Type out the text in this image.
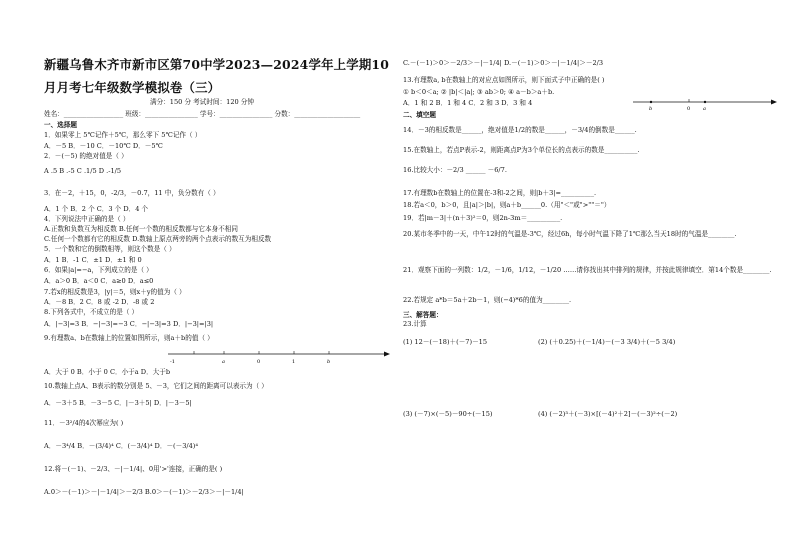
新疆乌鲁木齐市新市区第70中学2023—2024学年上学期10
月月考七年级数学模拟卷（三）
满分：150 分 考试时间：120 分钟
姓名：__________________ 班级：________________ 学号：________________ 分数：____________________
一、选择题
1．如果零上 5℃记作＋5℃，那么零下 5℃记作（ ）
A．－5 B．－10 C．－10℃ D．－5℃
2．－(－5) 的绝对值是（ ）
A .5 B .-5 C .1/5 D .-1/5
3．在－2，＋15，0，-2/3，－0.7，11 中，负分数有（ ）
A．1 个 B．2 个 C．3 个 D．4 个
4．下列说法中正确的是（ ）
A.正数和负数互为相反数 B.任何一个数的相反数都与它本身不相同
C.任何一个数都有它的相反数 D.数轴上原点两旁的两个点表示的数互为相反数
5．一个数和它的倒数相等，则这个数是（ ）
A．1 B．-1 C．±1 D．±1 和 0
6．如果|a|=−a，下列成立的是（ ）
A．a＞0 B．a＜0 C．a≥0 D．a≤0
7.若x的相反数是3，|y|＝5，则x＋y的值为（ ）
A．－8 B．2 C．8 或 -2 D．-8 或 2
8.下列各式中，不成立的是（ ）
A．|−3|=3 B．−|−3|=−3 C．−|−3|=3 D．|−3|=|3|
9.有理数a、b在数轴上的位置如图所示，则a＋b的值（ ）
-1	a	0	1	b
A．大于 0 B．小于 0 C．小于a D．大于b
10.数轴上点A、B表示的数分别是 5、－3，它们之间的距离可以表示为（ ）
A．－3＋5 B．－3－5 C．|－3＋5| D．|－3－5|
11．－3²/4的4次幂应为( )
A．－3⁴/4 B．－(3/4)⁴ C．(－3/4)⁴ D．－(－3/4)⁴
12.将－(－1)、－2/3、－|－1/4|、0用'>'连接，正确的是( )
A.0＞－(－1)＞－|－1/4|＞－2/3 B.0＞－(－1)＞－2/3＞－|－1/4|
C.－(－1)＞0＞－2/3＞－|－1/4| D.－(－1)＞0＞－|－1/4|＞－2/3
13.有理数a, b在数轴上的对应点如图所示，则下面式子中正确的是( )
① b＜0＜a; ② |b|＜|a|; ③ ab＞0; ④ a－b＞a＋b.
A．1 和 2 B．1 和 4 C．2 和 3 D．3 和 4
b	0	a
二、填空题
14．－3的相反数是______，绝对值是1/2的数是______，－3/4的倒数是______.
15.在数轴上，若点P表示-2，则距离点P为3个单位长的点表示的数是__________.
16.比较大小：－2/3 ______ －6/7.
17.有理数b在数轴上的位置在-3和-2之间，则|b＋3|=__________.
18.若a＜0，b＞0，且|a|＞|b|，则a＋b______0.（用"＜"或">""＝"）
19．若|m－3|＋(n＋3)²＝0，则2n-3m＝__________.
20.某市冬季中的一天，中午12时的气温是-3℃，经过6h，每小时气温下降了1℃那么当天18时的气温是________.
21．观察下面的一列数：1/2，－1/6，1/12，－1/20 ……请你找出其中排列的规律，并按此规律填空．第14个数是________.
22.若规定 a*b＝5a＋2b－1，则(−4)*6的值为________.
三、解答题：
23.计算
(1) 12－(－18)＋(－7)－15	(2) (＋0.25)＋(－1/4)－(－3 3/4)＋(－5 3/4)
(3) (－7)×(－5)－90÷(－15)	(4) (－2)³＋(－3)×[(－4)²＋2]－(－3)²÷(－2)
